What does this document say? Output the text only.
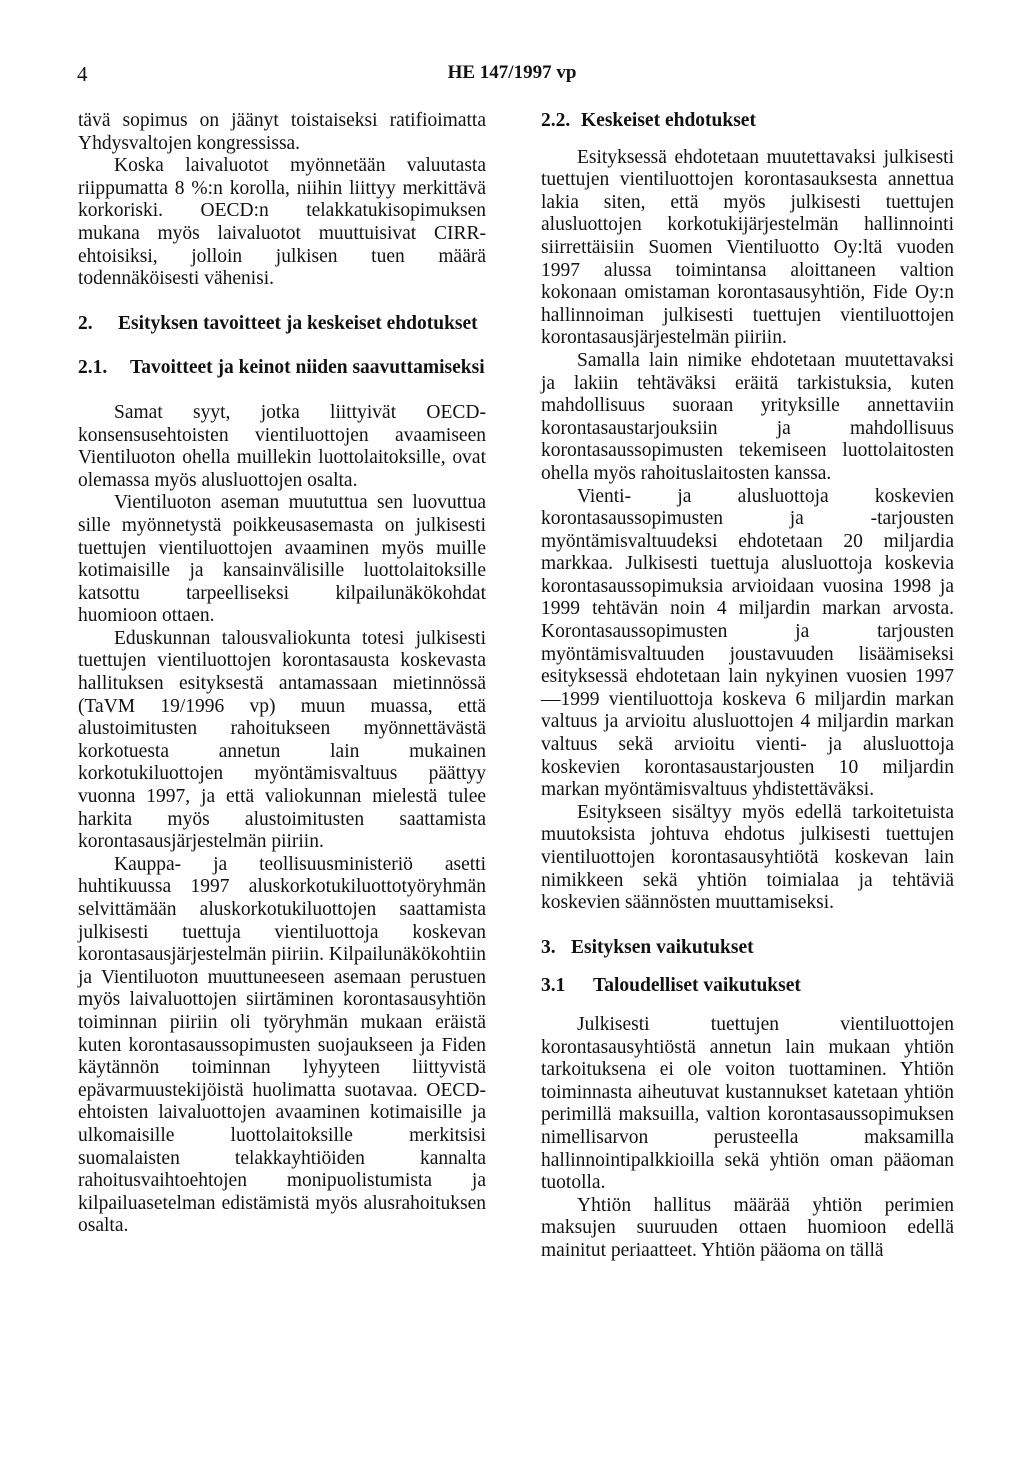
4	HE 147/1997 vp

tävä sopimus on jäänyt toistaiseksi ratifioimatta Yhdysvaltojen kongressissa.

Koska laivaluotot myönnetään valuutasta riippumatta 8 %:n korolla, niihin liittyy merkittävä korkoriski. OECD:n telakkatukisopimuksen mukana myös laivaluotot muuttuisivat CIRR-ehtoisiksi, jolloin julkisen tuen määrä todennäköisesti vähenisi.

2.	Esityksen tavoitteet ja keskeiset ehdotukset
2.1.	Tavoitteet ja keinot niiden saavuttamiseksi

Samat syyt, jotka liittyivät OECD-konsensusehtoisten vientiluottojen avaamiseen Vientiluoton ohella muillekin luottolaitoksille, ovat olemassa myös alusluottojen osalta.

Vientiluoton aseman muututtua sen luovuttua sille myönnetystä poikkeusasemasta on julkisesti tuettujen vientiluottojen avaaminen myös muille kotimaisille ja kansainvälisille luottolaitoksille katsottu tarpeelliseksi kilpailunäkökohdat huomioon ottaen.

Eduskunnan talousvaliokunta totesi julkisesti tuettujen vientiluottojen korontasausta koskevasta hallituksen esityksestä antamassaan mietinnössä (TaVM 19/1996 vp) muun muassa, että alustoimitusten rahoitukseen myönnettävästä korkotuesta annetun lain mukainen korkotukiluottojen myöntämisvaltuus päättyy vuonna 1997, ja että valiokunnan mielestä tulee harkita myös alustoimitusten saattamista korontasausjärjestelmän piiriin.

Kauppa- ja teollisuusministeriö asetti huhtikuussa 1997 aluskorkotukiluottotyöryhmän selvittämään aluskorkotukiluottojen saattamista julkisesti tuettuja vientiluottoja koskevan korontasausjärjestelmän piiriin. Kilpailunäkökohtiin ja Vientiluoton muuttuneeseen asemaan perustuen myös laivaluottojen siirtäminen korontasausyhtiön toiminnan piiriin oli työryhmän mukaan eräistä kuten korontasaussopimusten suojaukseen ja Fiden käytännön toiminnan lyhyyteen liittyvistä epävarmuustekijöistä huolimatta suotavaa. OECD-ehtoisten laivaluottojen avaaminen kotimaisille ja ulkomaisille luottolaitoksille merkitsisi suomalaisten telakkayhtiöiden kannalta rahoitusvaihtoehtojen monipuolistumista ja kilpailuasetelman edistämistä myös alusrahoituksen osalta.

2.2. Keskeiset ehdotukset

Esityksessä ehdotetaan muutettavaksi julkisesti tuettujen vientiluottojen korontasauksesta annettua lakia siten, että myös julkisesti tuettujen alusluottojen korkotukijärjestelmän hallinnointi siirrettäisiin Suomen Vientiluotto Oy:ltä vuoden 1997 alussa toimintansa aloittaneen valtion kokonaan omistaman korontasausyhtiön, Fide Oy:n hallinnoiman julkisesti tuettujen vientiluottojen korontasausjärjestelmän piiriin.

Samalla lain nimike ehdotetaan muutettavaksi ja lakiin tehtäväksi eräitä tarkistuksia, kuten mahdollisuus suoraan yrityksille annettaviin korontasaustarjouksiin ja mahdollisuus korontasaussopimusten tekemiseen luottolaitosten ohella myös rahoituslaitosten kanssa.

Vienti- ja alusluottoja koskevien korontasaussopimusten ja -tarjousten myöntämisvaltuudeksi ehdotetaan 20 miljardia markkaa. Julkisesti tuettuja alusluottoja koskevia korontasaussopimuksia arvioidaan vuosina 1998 ja 1999 tehtävän noin 4 miljardin markan arvosta. Korontasaussopimusten ja tarjousten myöntämisvaltuuden joustavuuden lisäämiseksi esityksessä ehdotetaan lain nykyinen vuosien 1997—1999 vientiluottoja koskeva 6 miljardin markan valtuus ja arvioitu alusluottojen 4 miljardin markan valtuus sekä arvioitu vienti- ja alusluottoja koskevien korontasaustarjousten 10 miljardin markan myöntämisvaltuus yhdistettäväksi.

Esitykseen sisältyy myös edellä tarkoitetuista muutoksista johtuva ehdotus julkisesti tuettujen vientiluottojen korontasausyhtiötä koskevan lain nimikkeen sekä yhtiön toimialaa ja tehtäviä koskevien säännösten muuttamiseksi.

3. Esityksen vaikutukset
3.1	Taloudelliset vaikutukset

Julkisesti tuettujen vientiluottojen korontasausyhtiöstä annetun lain mukaan yhtiön tarkoituksena ei ole voiton tuottaminen. Yhtiön toiminnasta aiheutuvat kustannukset katetaan yhtiön perimillä maksuilla, valtion korontasaussopimuksen nimellisarvon perusteella maksamilla hallinnointipalkkioilla sekä yhtiön oman pääoman tuotolla.

Yhtiön hallitus määrää yhtiön perimien maksujen suuruuden ottaen huomioon edellä mainitut periaatteet. Yhtiön pääoma on tällä
